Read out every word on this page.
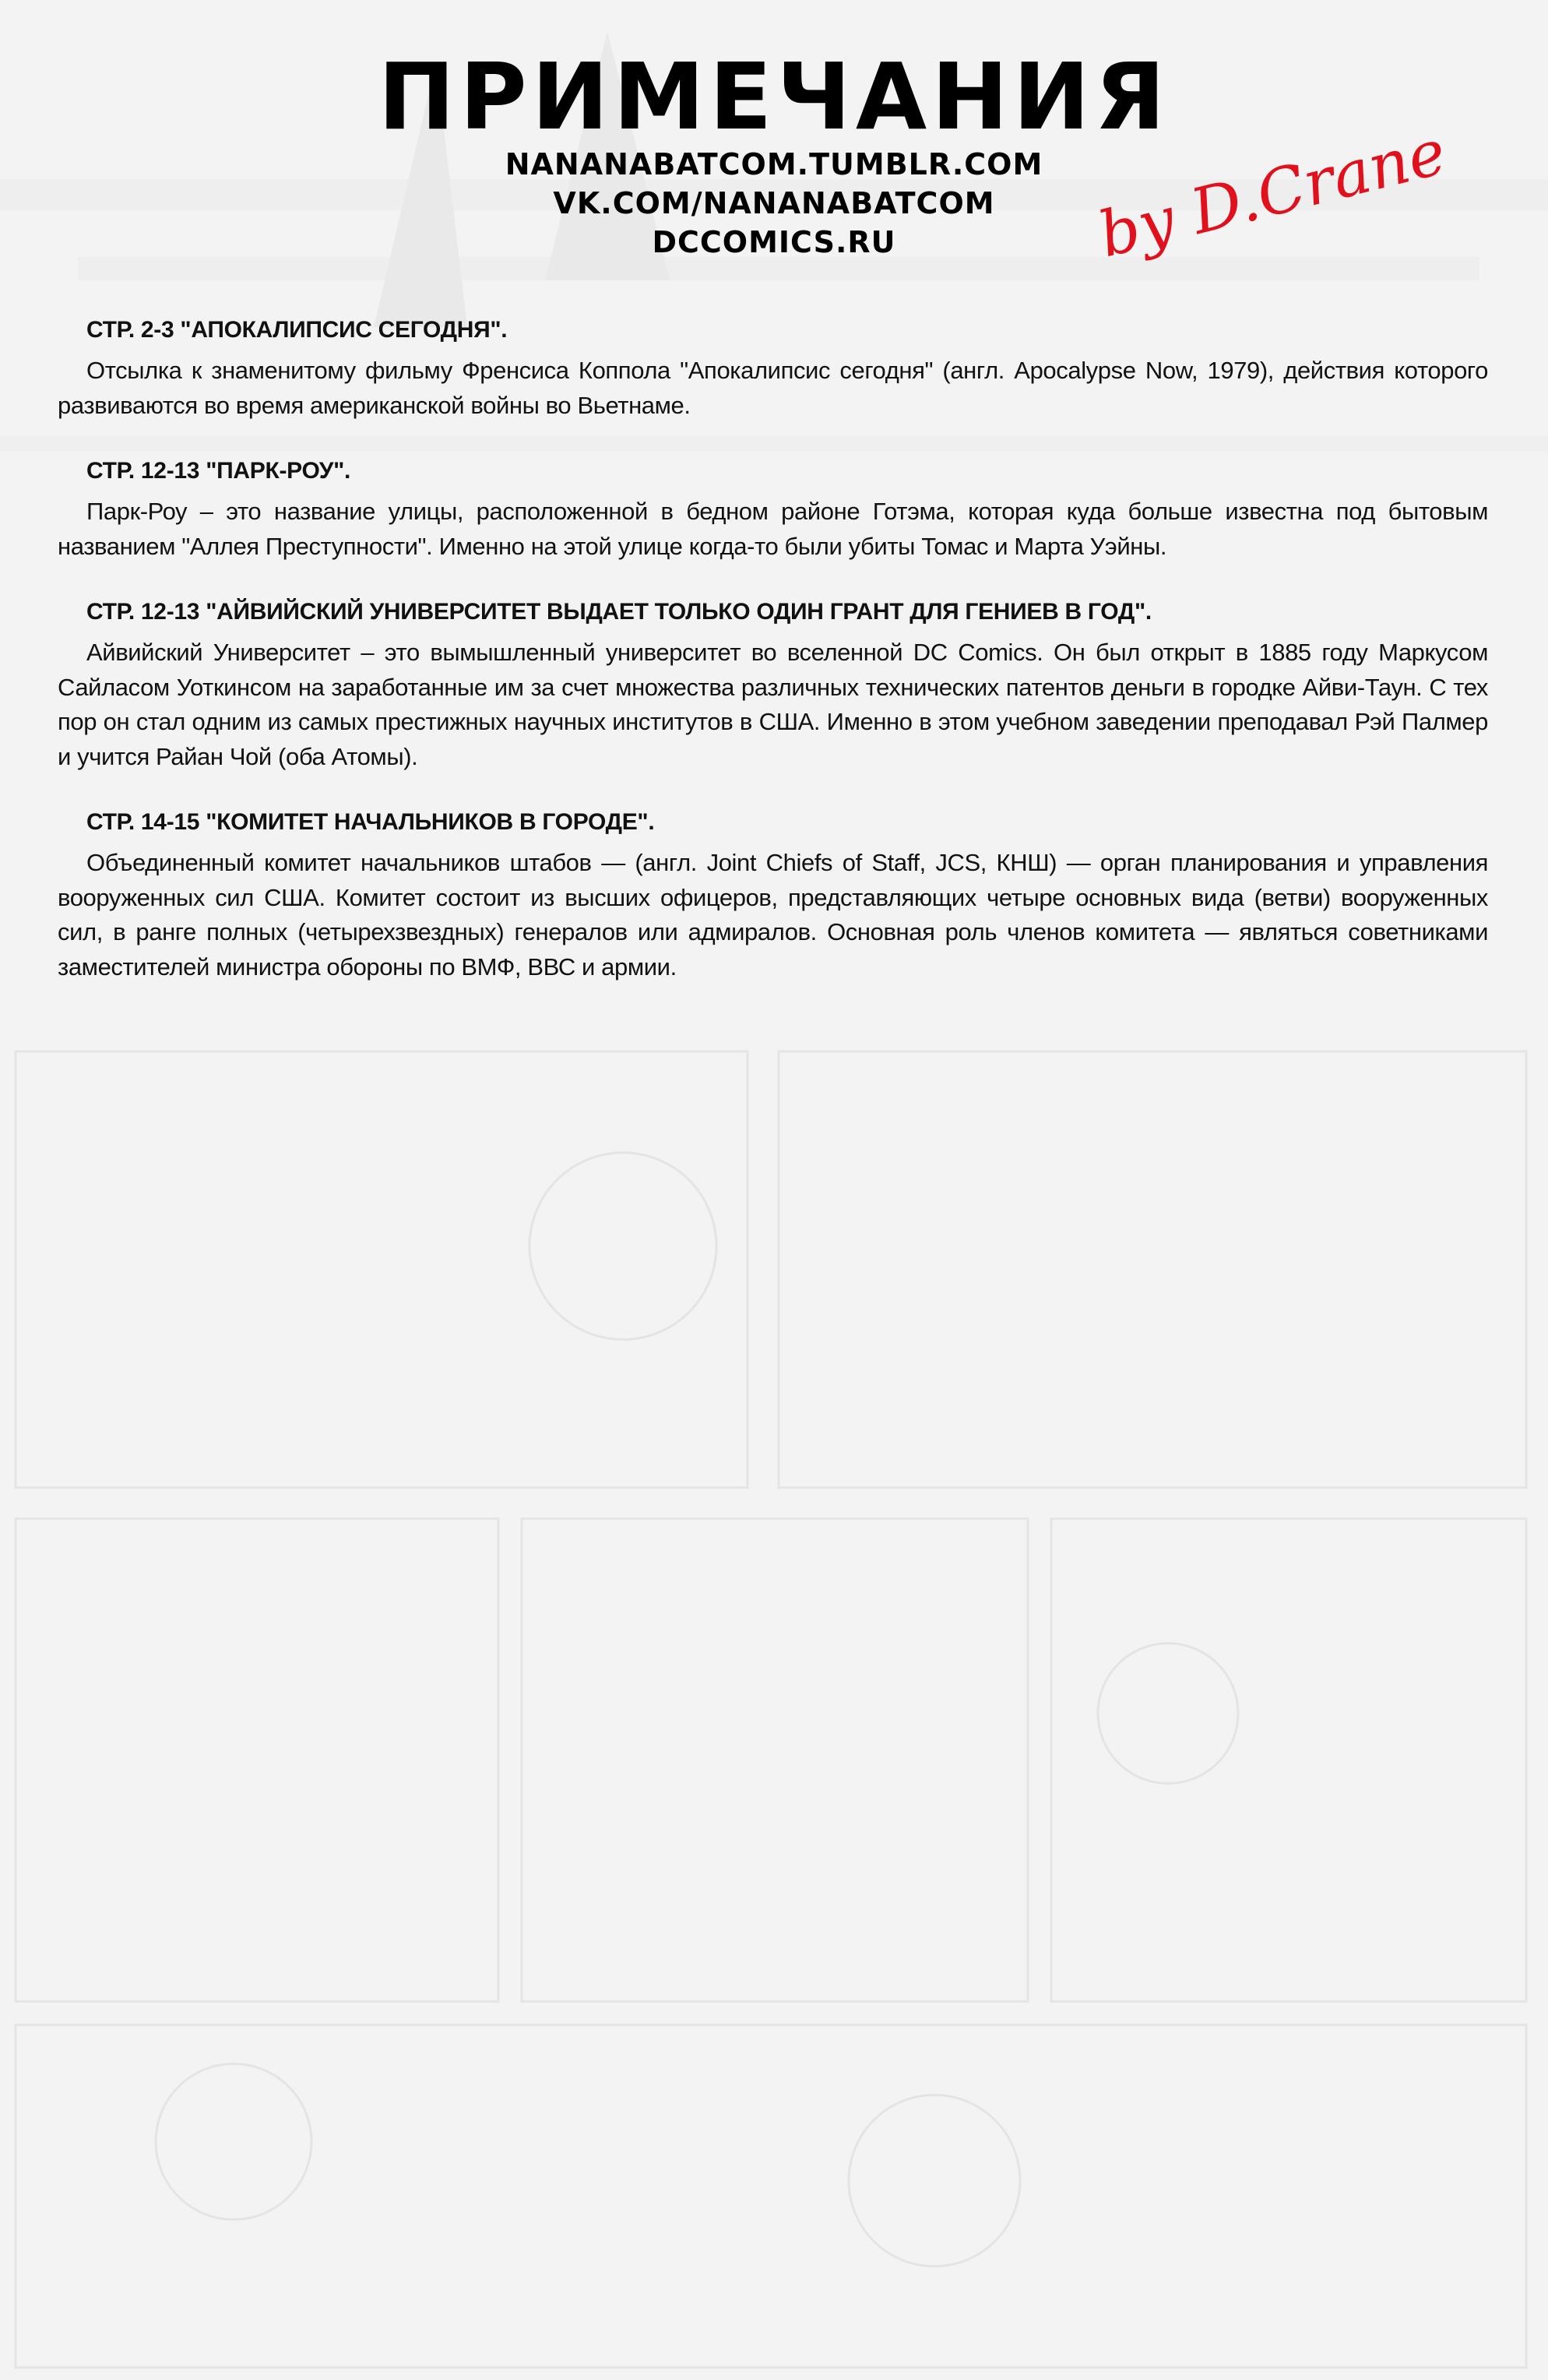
ПРИМЕЧАНИЯ
NANANABATCOM.TUMBLR.COM
VK.COM/NANANABATCOM
DCCOMICS.RU	by D.Crane
СТР. 2-3 "АПОКАЛИПСИС СЕГОДНЯ".
Отсылка к знаменитому фильму Френсиса Коппола "Апокалипсис сегодня" (англ. Apocalypse Now, 1979), действия которого развиваются во время американской войны во Вьетнаме.
СТР. 12-13 "ПАРК-РОУ".
Парк-Роу – это название улицы, расположенной в бедном районе Готэма, которая куда больше известна под бытовым названием "Аллея Преступности". Именно на этой улице когда-то были убиты Томас и Марта Уэйны.
СТР. 12-13 "АЙВИЙСКИЙ УНИВЕРСИТЕТ ВЫДАЕТ ТОЛЬКО ОДИН ГРАНТ ДЛЯ ГЕНИЕВ В ГОД".
Айвийский Университет – это вымышленный университет во вселенной DC Comics. Он был открыт в 1885 году Маркусом Сайласом Уоткинсом на заработанные им за счет множества различных технических патентов деньги в городке Айви-Таун. С тех пор он стал одним из самых престижных научных институтов в США. Именно в этом учебном заведении преподавал Рэй Палмер и учится Райан Чой (оба Атомы).
СТР. 14-15 "КОМИТЕТ НАЧАЛЬНИКОВ В ГОРОДЕ".
Объединенный комитет начальников штабов — (англ. Joint Chiefs of Staff, JCS, КНШ) — орган планирования и управления вооруженных сил США. Комитет состоит из высших офицеров, представляющих четыре основных вида (ветви) вооруженных сил, в ранге полных (четырехзвездных) генералов или адмиралов. Основная роль членов комитета — являться советниками заместителей министра обороны по ВМФ, ВВС и армии.
